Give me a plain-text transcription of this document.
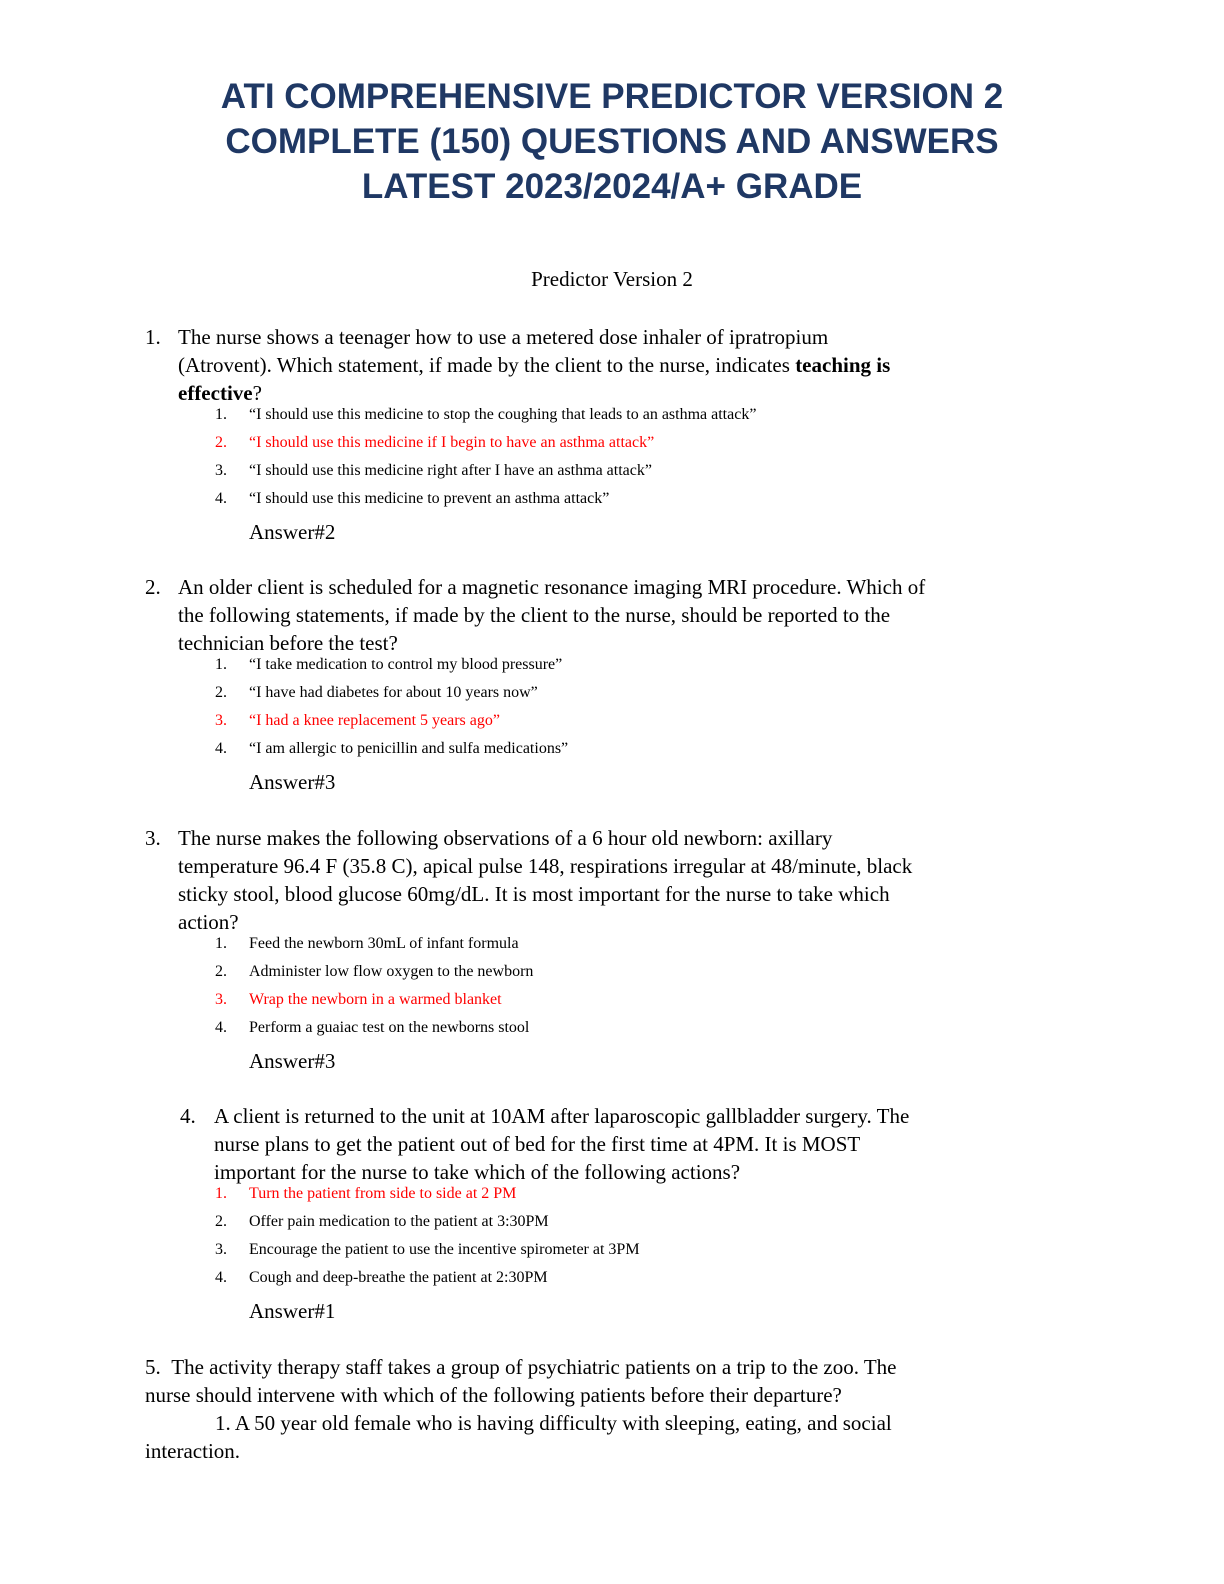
ATI COMPREHENSIVE PREDICTOR VERSION 2
COMPLETE (150) QUESTIONS AND ANSWERS
LATEST 2023/2024/A+ GRADE
Predictor Version 2
1. The nurse shows a teenager how to use a metered dose inhaler of ipratropium
(Atrovent). Which statement, if made by the client to the nurse, indicates teaching is
effective?
1. “I should use this medicine to stop the coughing that leads to an asthma attack”
2. “I should use this medicine if I begin to have an asthma attack”
3. “I should use this medicine right after I have an asthma attack”
4. “I should use this medicine to prevent an asthma attack”
Answer#2
2. An older client is scheduled for a magnetic resonance imaging MRI procedure. Which of
the following statements, if made by the client to the nurse, should be reported to the
technician before the test?
1. “I take medication to control my blood pressure”
2. “I have had diabetes for about 10 years now”
3. “I had a knee replacement 5 years ago”
4. “I am allergic to penicillin and sulfa medications”
Answer#3
3. The nurse makes the following observations of a 6 hour old newborn: axillary
temperature 96.4 F (35.8 C), apical pulse 148, respirations irregular at 48/minute, black
sticky stool, blood glucose 60mg/dL. It is most important for the nurse to take which
action?
1. Feed the newborn 30mL of infant formula
2. Administer low flow oxygen to the newborn
3. Wrap the newborn in a warmed blanket
4. Perform a guaiac test on the newborns stool
Answer#3
4. A client is returned to the unit at 10AM after laparoscopic gallbladder surgery. The
nurse plans to get the patient out of bed for the first time at 4PM. It is MOST
important for the nurse to take which of the following actions?
1. Turn the patient from side to side at 2 PM
2. Offer pain medication to the patient at 3:30PM
3. Encourage the patient to use the incentive spirometer at 3PM
4. Cough and deep-breathe the patient at 2:30PM
Answer#1
5. The activity therapy staff takes a group of psychiatric patients on a trip to the zoo. The
nurse should intervene with which of the following patients before their departure?
1. A 50 year old female who is having difficulty with sleeping, eating, and social
interaction.
